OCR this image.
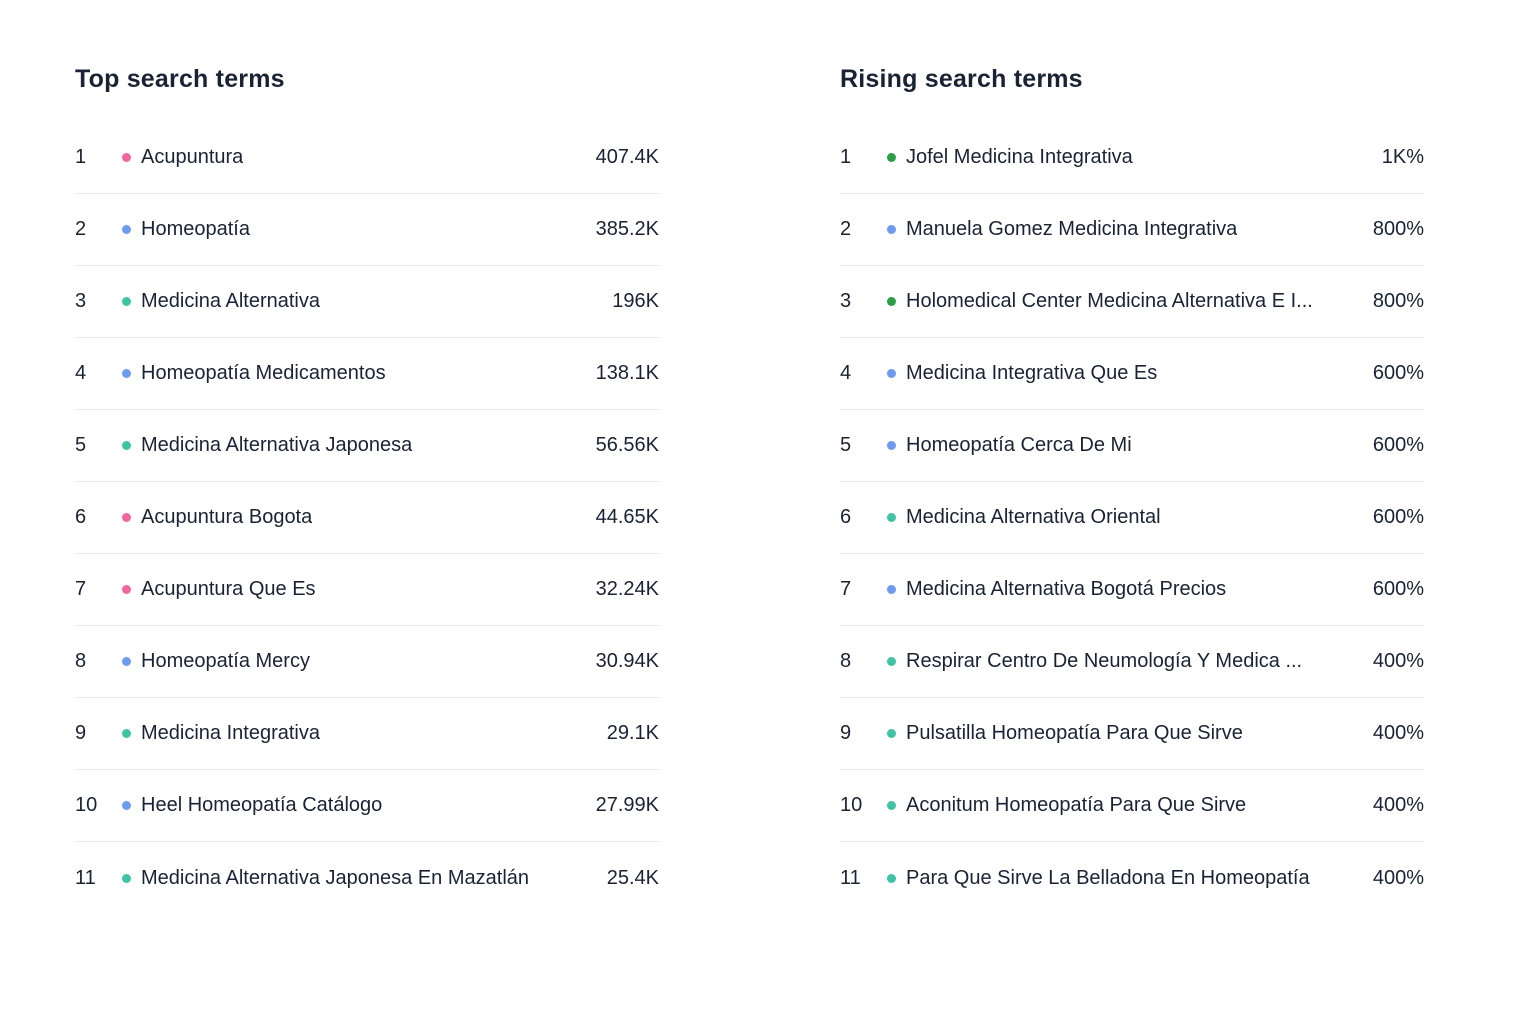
Top search terms
1	Acupuntura	407.4K
2	Homeopatía	385.2K
3	Medicina Alternativa	196K
4	Homeopatía Medicamentos	138.1K
5	Medicina Alternativa Japonesa	56.56K
6	Acupuntura Bogota	44.65K
7	Acupuntura Que Es	32.24K
8	Homeopatía Mercy	30.94K
9	Medicina Integrativa	29.1K
10	Heel Homeopatía Catálogo	27.99K
11	Medicina Alternativa Japonesa En Mazatlán	25.4K
Rising search terms
1	Jofel Medicina Integrativa	1K%
2	Manuela Gomez Medicina Integrativa	800%
3	Holomedical Center Medicina Alternativa E I...	800%
4	Medicina Integrativa Que Es	600%
5	Homeopatía Cerca De Mi	600%
6	Medicina Alternativa Oriental	600%
7	Medicina Alternativa Bogotá Precios	600%
8	Respirar Centro De Neumología Y Medica ...	400%
9	Pulsatilla Homeopatía Para Que Sirve	400%
10	Aconitum Homeopatía Para Que Sirve	400%
11	Para Que Sirve La Belladona En Homeopatía	400%
